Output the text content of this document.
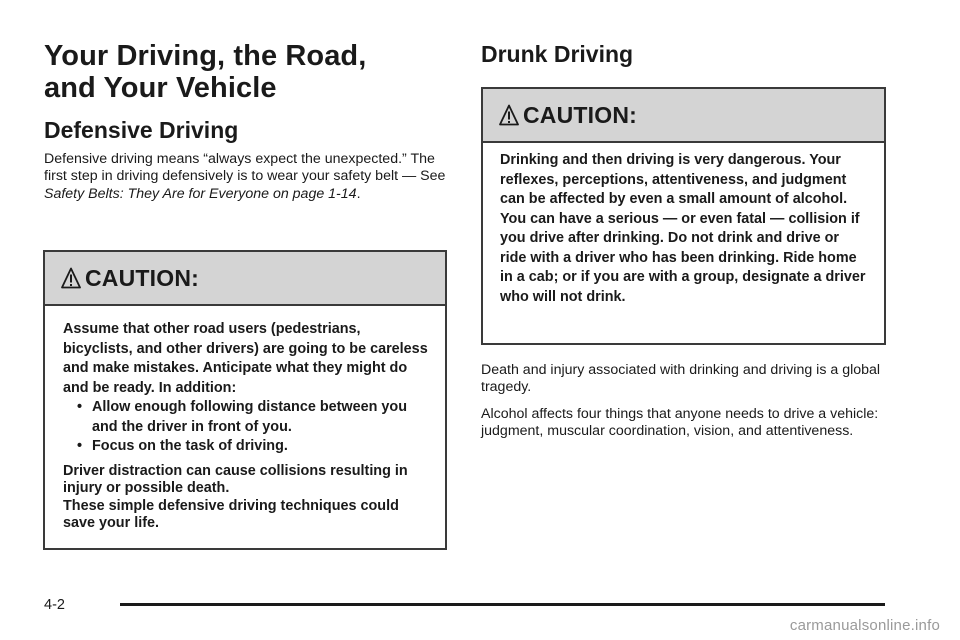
Your Driving, the Road,
and Your Vehicle
Defensive Driving

Defensive driving means “always expect the unexpected.” The first step in driving defensively is to wear your safety belt — See Safety Belts: They Are for Everyone on page 1-14.

CAUTION:

Assume that other road users (pedestrians, bicyclists, and other drivers) are going to be careless and make mistakes. Anticipate what they might do and be ready. In addition:

• Allow enough following distance between you and the driver in front of you.
• Focus on the task of driving.

Driver distraction can cause collisions resulting in injury or possible death.
These simple defensive driving techniques could save your life.

Drunk Driving
CAUTION:

Drinking and then driving is very dangerous. Your reflexes, perceptions, attentiveness, and judgment can be affected by even a small amount of alcohol. You can have a serious — or even fatal — collision if you drive after drinking. Do not drink and drive or ride with a driver who has been drinking. Ride home in a cab; or if you are with a group, designate a driver who will not drink.

Death and injury associated with drinking and driving is a global tragedy.

Alcohol affects four things that anyone needs to drive a vehicle: judgment, muscular coordination, vision, and attentiveness.

4-2
carmanualsonline.info
